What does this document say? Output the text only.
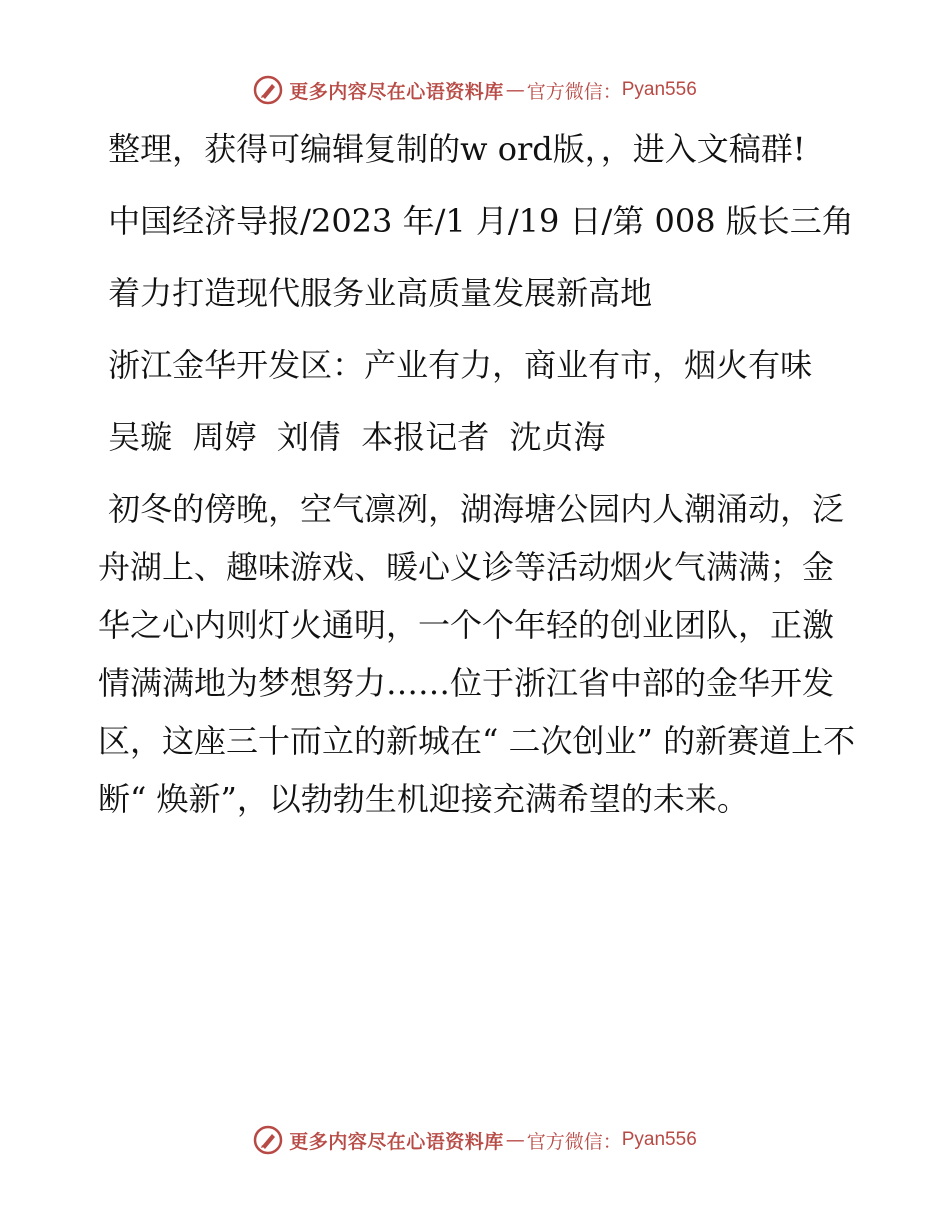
更多内容尽在心语资料库 — 官方微信： Pyan556

整理，获得可编辑复制的w ord版，，进入文稿群!

中国经济导报/2023 年/1 月/19 日/第 008 版长三角

着力打造现代服务业高质量发展新高地

浙江金华开发区：产业有力，商业有市，烟火有味

吴璇  周婷  刘倩  本报记者  沈贞海

初冬的傍晚，空气凛冽，湖海塘公园内人潮涌动，泛舟湖上、趣味游戏、暖心义诊等活动烟火气满满；金华之心内则灯火通明，一个个年轻的创业团队，正激情满满地为梦想努力……位于浙江省中部的金华开发区，这座三十而立的新城在“ 二次创业” 的新赛道上不断“ 焕新”，以勃勃生机迎接充满希望的未来。

更多内容尽在心语资料库 — 官方微信： Pyan556
